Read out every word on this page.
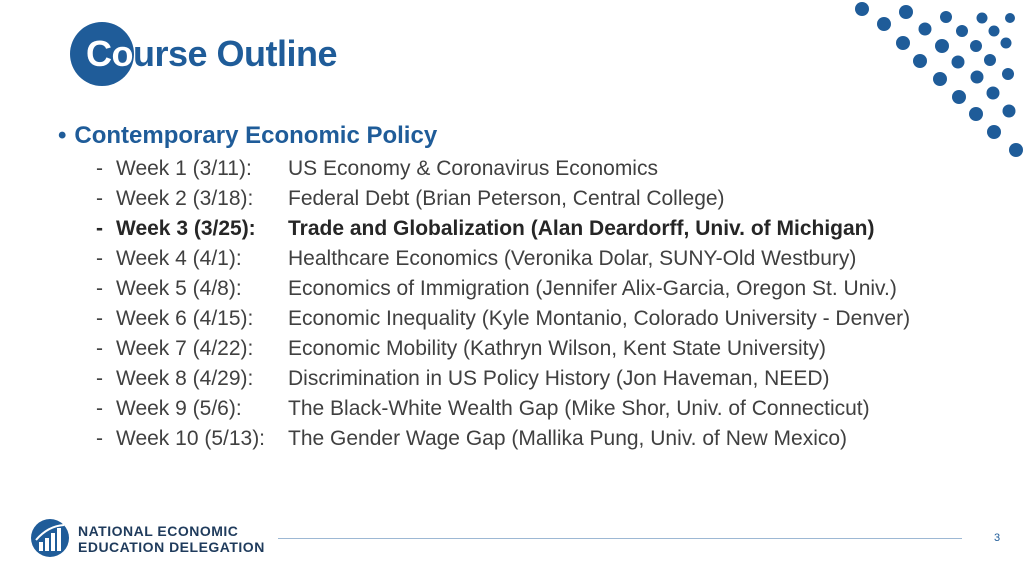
Course Outline
• Contemporary Economic Policy
- Week 1 (3/11):	US Economy & Coronavirus Economics
- Week 2 (3/18):	Federal Debt (Brian Peterson, Central College)
- Week 3 (3/25):	Trade and Globalization (Alan Deardorff, Univ. of Michigan)
- Week 4 (4/1):	Healthcare Economics (Veronika Dolar, SUNY-Old Westbury)
- Week 5 (4/8):	Economics of Immigration (Jennifer Alix-Garcia, Oregon St. Univ.)
- Week 6 (4/15):	Economic Inequality (Kyle Montanio, Colorado University - Denver)
- Week 7 (4/22):	Economic Mobility (Kathryn Wilson, Kent State University)
- Week 8 (4/29):	Discrimination in US Policy History (Jon Haveman, NEED)
- Week 9 (5/6):	The Black-White Wealth Gap (Mike Shor, Univ. of Connecticut)
- Week 10 (5/13):	The Gender Wage Gap (Mallika Pung, Univ. of New Mexico)
NATIONAL ECONOMIC
EDUCATION DELEGATION
3
